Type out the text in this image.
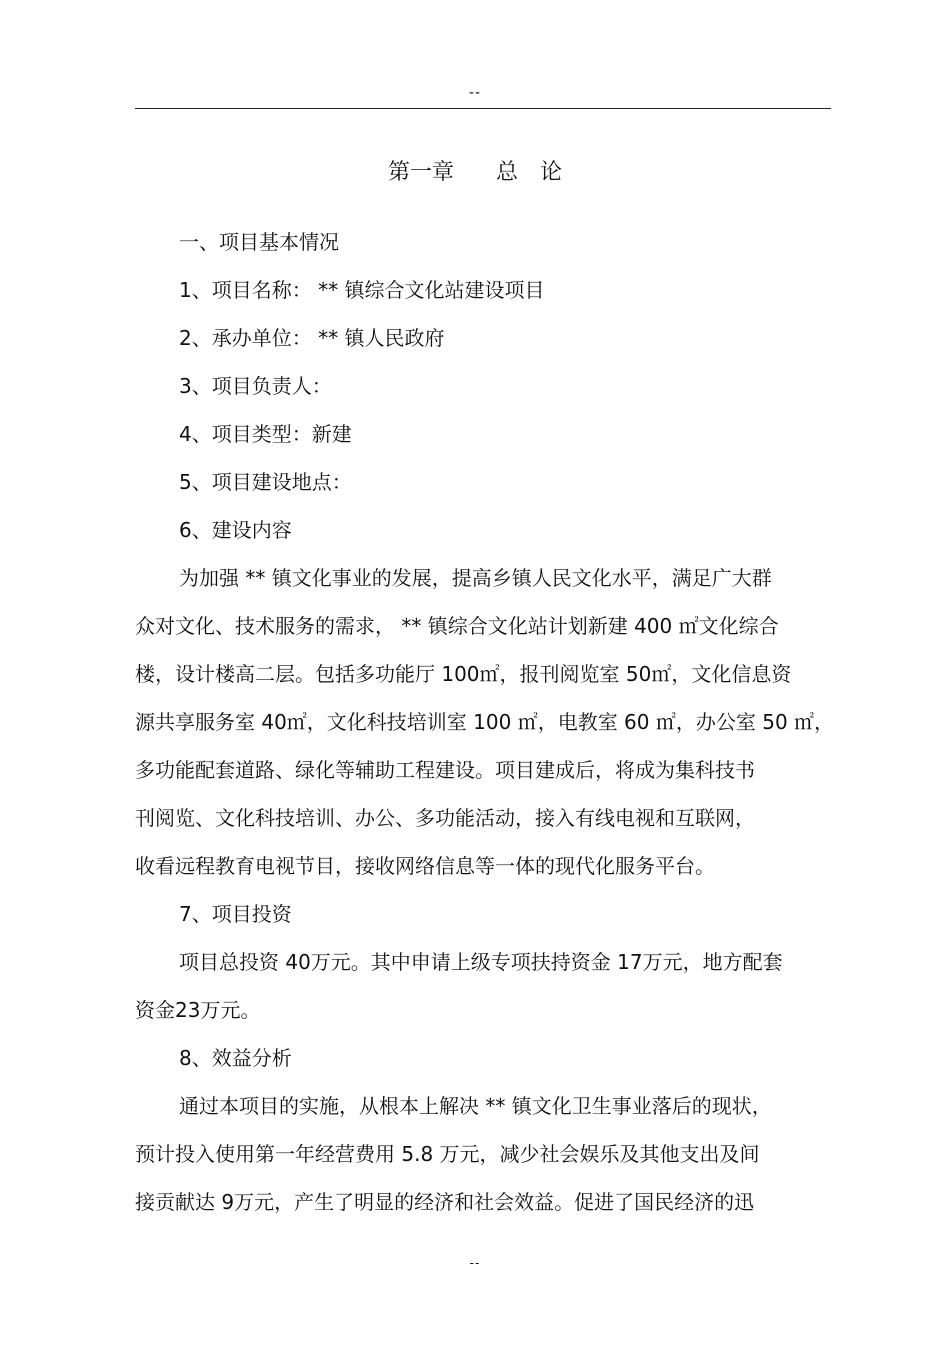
--
第一章 总 论
一、项目基本情况
1、项目名称： ** 镇综合文化站建设项目
2、承办单位： ** 镇人民政府
3、项目负责人：
4、项目类型：新建
5、项目建设地点：
6、建设内容
为加强 ** 镇文化事业的发展，提高乡镇人民文化水平，满足广大群
众对文化、技术服务的需求， ** 镇综合文化站计划新建 400 ㎡文化综合
楼，设计楼高二层。包括多功能厅 100㎡，报刊阅览室 50㎡，文化信息资
源共享服务室 40㎡，文化科技培训室 100 ㎡，电教室 60 ㎡，办公室 50 ㎡，
多功能配套道路、绿化等辅助工程建设。项目建成后，将成为集科技书
刊阅览、文化科技培训、办公、多功能活动，接入有线电视和互联网，
收看远程教育电视节目，接收网络信息等一体的现代化服务平台。
7、项目投资
项目总投资 40万元。其中申请上级专项扶持资金 17万元，地方配套
资金23万元。
8、效益分析
通过本项目的实施，从根本上解决 ** 镇文化卫生事业落后的现状，
预计投入使用第一年经营费用 5.8 万元，减少社会娱乐及其他支出及间
接贡献达 9万元，产生了明显的经济和社会效益。促进了国民经济的迅
--
